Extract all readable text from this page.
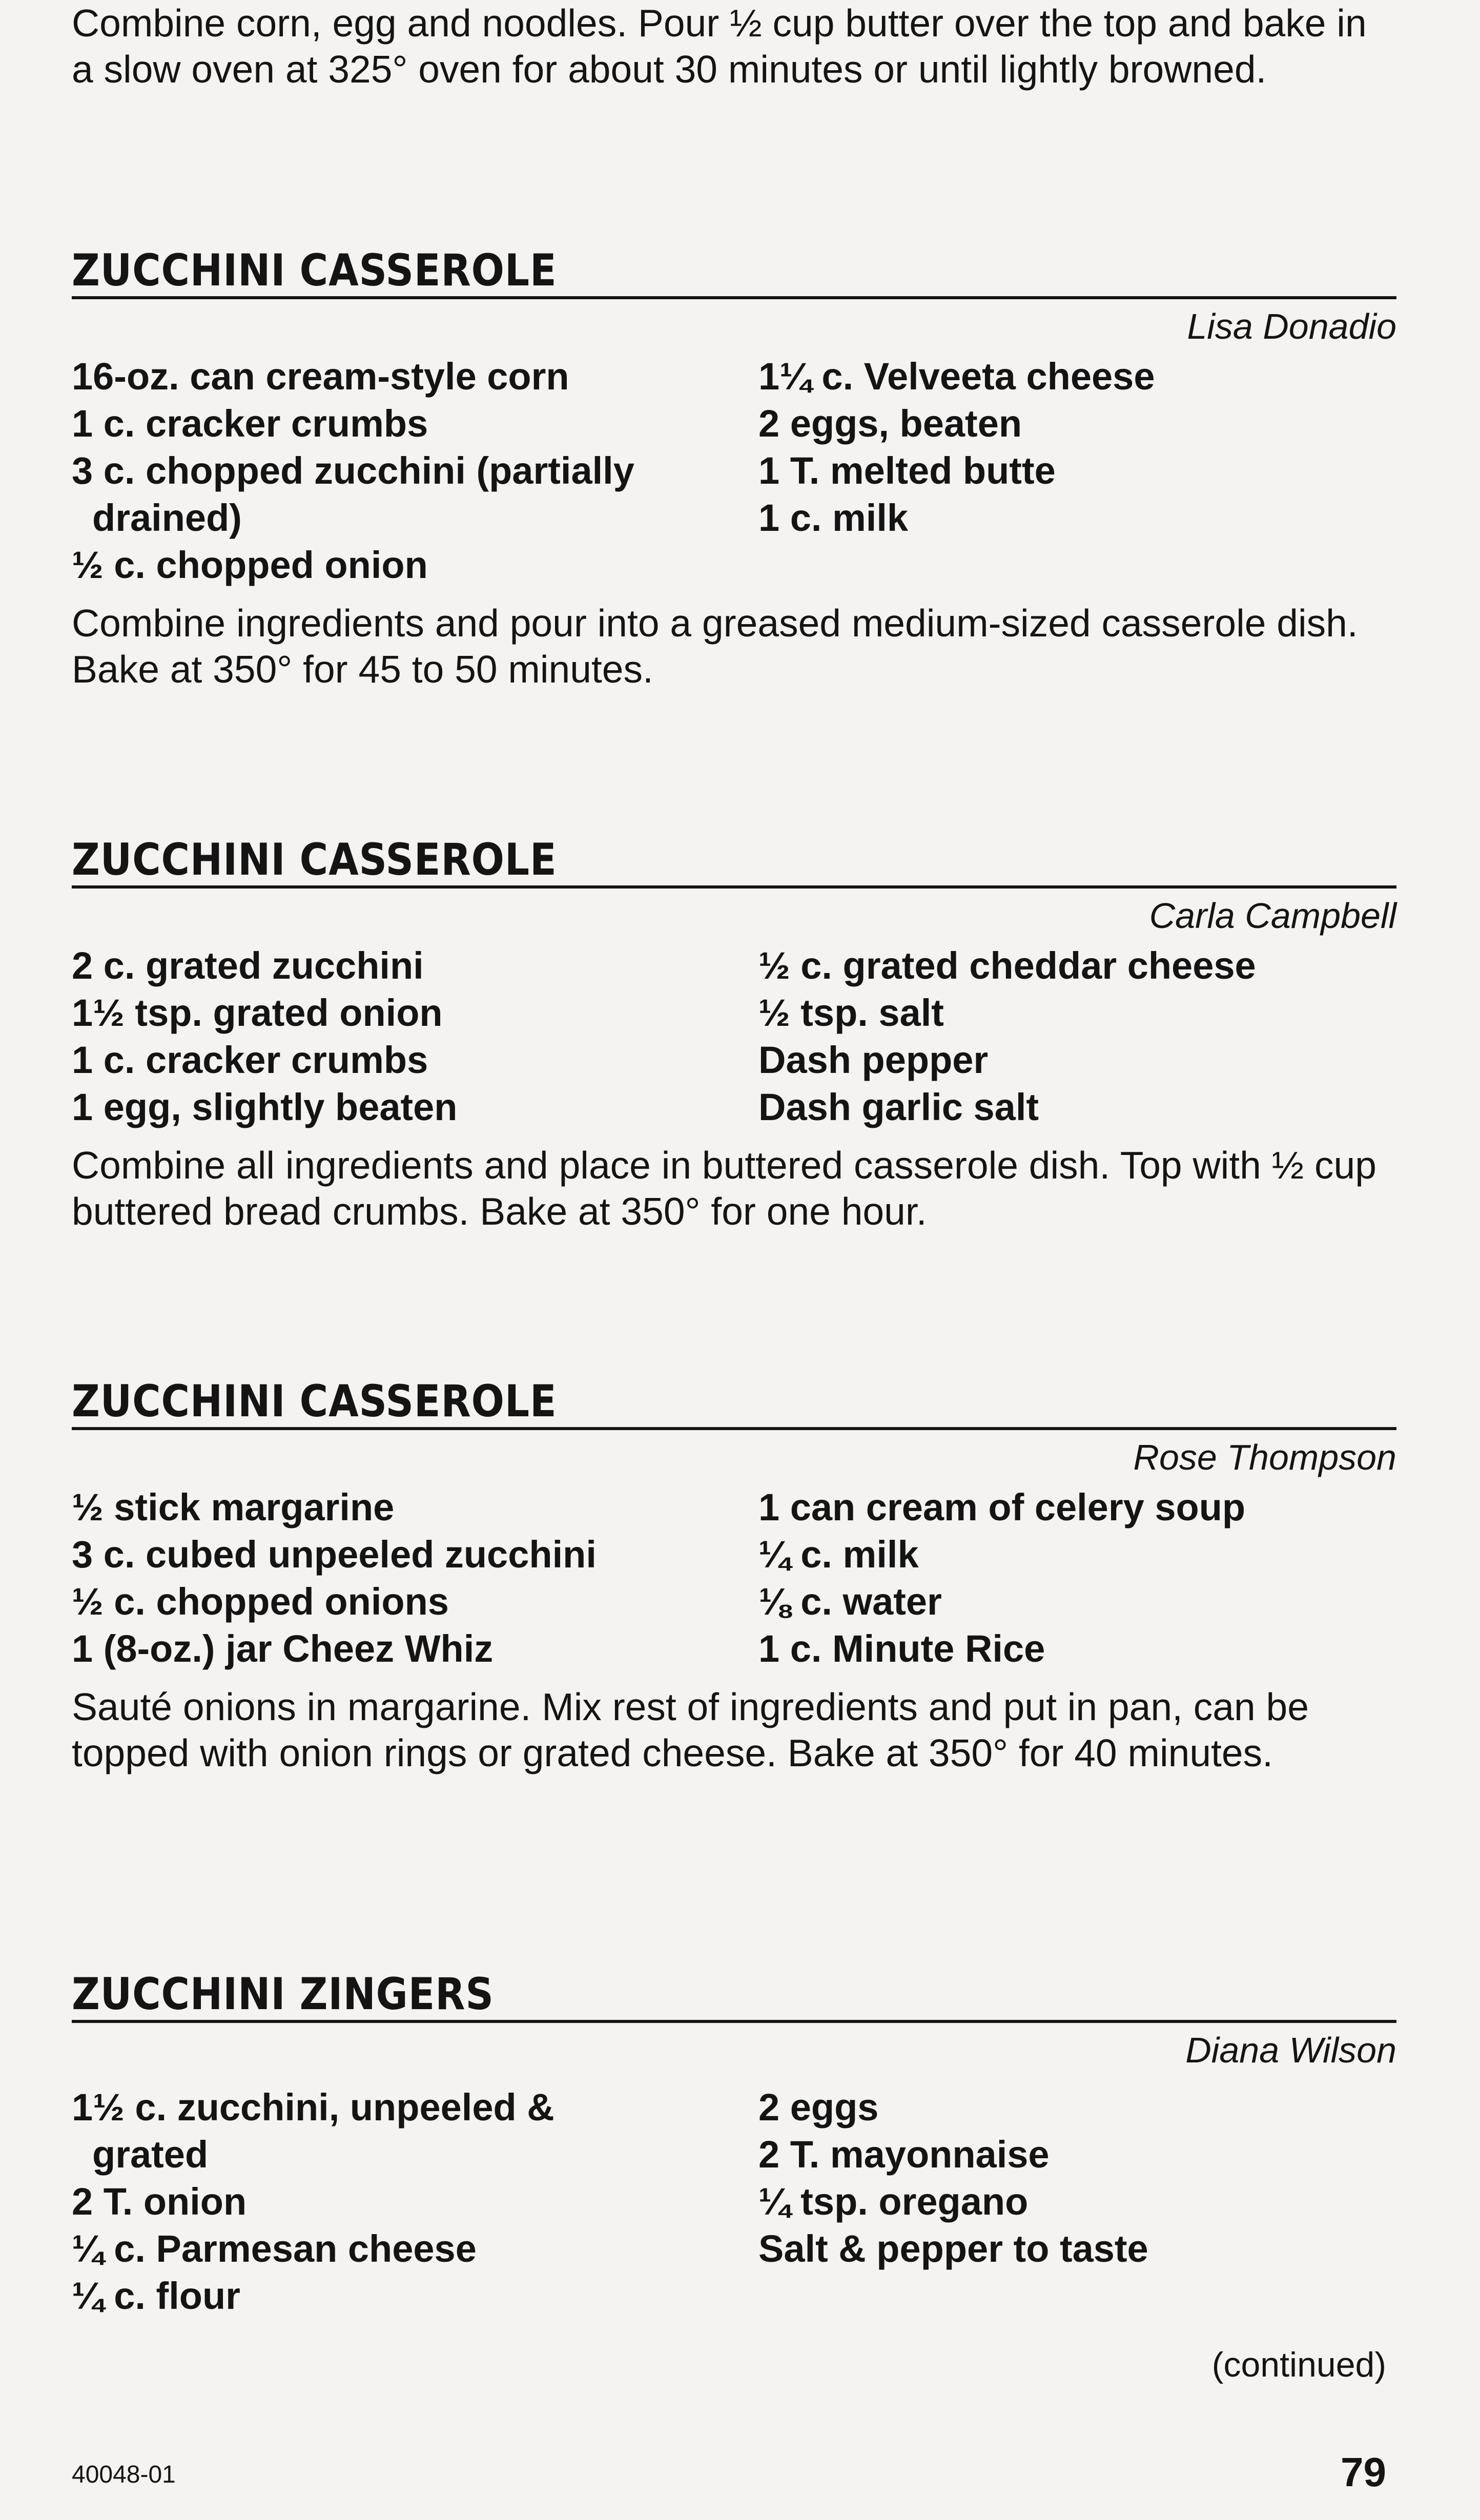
Combine corn, egg and noodles. Pour ½ cup butter over the top and bake in a slow oven at 325° oven for about 30 minutes or until lightly browned.

ZUCCHINI CASSEROLE
Lisa Donadio

16-oz. can cream-style corn

1 c. cracker crumbs

3 c. chopped zucchini (partially
drained)

½ c. chopped onion

1¼ c. Velveeta cheese

2 eggs, beaten

1 T. melted butte

1 c. milk

Combine ingredients and pour into a greased medium-sized casserole dish. Bake at 350° for 45 to 50 minutes.

ZUCCHINI CASSEROLE
Carla Campbell

2 c. grated zucchini

1½ tsp. grated onion

1 c. cracker crumbs

1 egg, slightly beaten

½ c. grated cheddar cheese

½ tsp. salt

Dash pepper

Dash garlic salt

Combine all ingredients and place in buttered casserole dish. Top with ½ cup buttered bread crumbs. Bake at 350° for one hour.

ZUCCHINI CASSEROLE
Rose Thompson

½ stick margarine

3 c. cubed unpeeled zucchini

½ c. chopped onions

1 (8-oz.) jar Cheez Whiz

1 can cream of celery soup

¼ c. milk

⅛ c. water

1 c. Minute Rice

Sauté onions in margarine. Mix rest of ingredients and put in pan, can be topped with onion rings or grated cheese. Bake at 350° for 40 minutes.

ZUCCHINI ZINGERS
Diana Wilson

1½ c. zucchini, unpeeled &
grated

2 T. onion

¼ c. Parmesan cheese

¼ c. flour

2 eggs

2 T. mayonnaise

¼ tsp. oregano

Salt & pepper to taste

(continued)
40048-01	79
